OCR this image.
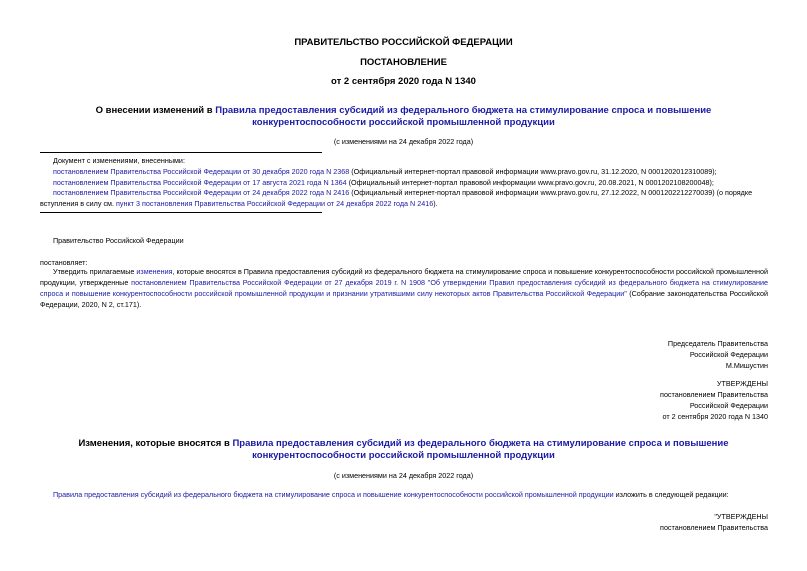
ПРАВИТЕЛЬСТВО РОССИЙСКОЙ ФЕДЕРАЦИИ
ПОСТАНОВЛЕНИЕ
от 2 сентября 2020 года N 1340
О внесении изменений в Правила предоставления субсидий из федерального бюджета на стимулирование спроса и повышение конкурентоспособности российской промышленной продукции
(с изменениями на 24 декабря 2022 года)
Документ с изменениями, внесенными:
постановлением Правительства Российской Федерации от 30 декабря 2020 года N 2368 (Официальный интернет-портал правовой информации www.pravo.gov.ru, 31.12.2020, N 0001202012310089);
постановлением Правительства Российской Федерации от 17 августа 2021 года N 1364 (Официальный интернет-портал правовой информации www.pravo.gov.ru, 20.08.2021, N 0001202108200048);
постановлением Правительства Российской Федерации от 24 декабря 2022 года N 2416 (Официальный интернет-портал правовой информации www.pravo.gov.ru, 27.12.2022, N 0001202212270039) (о порядке вступления в силу см. пункт 3 постановления Правительства Российской Федерации от 24 декабря 2022 года N 2416).
Правительство Российской Федерации
постановляет:
Утвердить прилагаемые изменения, которые вносятся в Правила предоставления субсидий из федерального бюджета на стимулирование спроса и повышение конкурентоспособности российской промышленной продукции, утвержденные постановлением Правительства Российской Федерации от 27 декабря 2019 г. N 1908 "Об утверждении Правил предоставления субсидий из федерального бюджета на стимулирование спроса и повышение конкурентоспособности российской промышленной продукции и признании утратившими силу некоторых актов Правительства Российской Федерации" (Собрание законодательства Российской Федерации, 2020, N 2, ст.171).
Председатель Правительства
Российской Федерации
М.Мишустин
УТВЕРЖДЕНЫ
постановлением Правительства
Российской Федерации
от 2 сентября 2020 года N 1340
Изменения, которые вносятся в Правила предоставления субсидий из федерального бюджета на стимулирование спроса и повышение конкурентоспособности российской промышленной продукции
(с изменениями на 24 декабря 2022 года)
Правила предоставления субсидий из федерального бюджета на стимулирование спроса и повышение конкурентоспособности российской промышленной продукции изложить в следующей редакции:
"УТВЕРЖДЕНЫ
постановлением Правительства
